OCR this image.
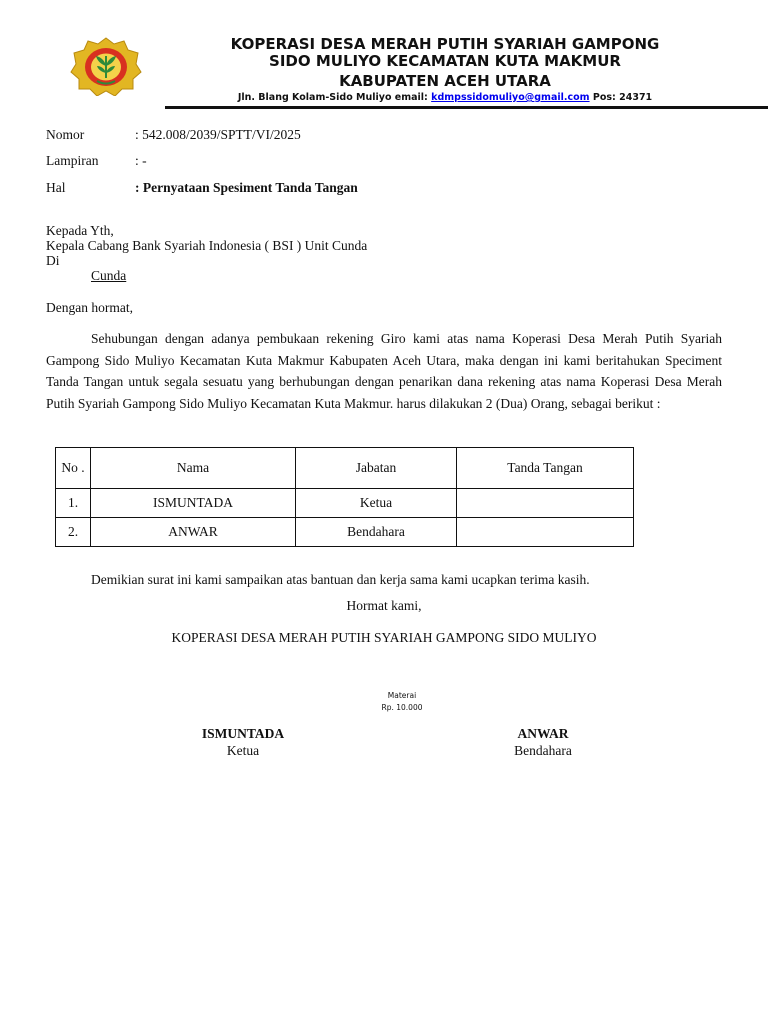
KOPERASI DESA MERAH PUTIH SYARIAH GAMPONG
SIDO MULIYO KECAMATAN KUTA MAKMUR
KABUPATEN ACEH UTARA
Jln. Blang Kolam-Sido Muliyo email: kdmpssidomuliyo@gmail.com Pos: 24371
Nomor	: 542.008/2039/SPTT/VI/2025
Lampiran	: -
Hal	: Pernyataan Spesiment Tanda Tangan
Kepada Yth,
Kepala Cabang Bank Syariah Indonesia ( BSI ) Unit Cunda
Di
Cunda
Dengan hormat,
Sehubungan dengan adanya pembukaan rekening Giro kami atas nama Koperasi Desa Merah Putih Syariah Gampong Sido Muliyo Kecamatan Kuta Makmur Kabupaten Aceh Utara, maka dengan ini kami beritahukan Speciment Tanda Tangan untuk segala sesuatu yang berhubungan dengan penarikan dana rekening atas nama Koperasi Desa Merah Putih Syariah Gampong Sido Muliyo Kecamatan Kuta Makmur. harus dilakukan 2 (Dua) Orang, sebagai berikut :
No .	Nama	Jabatan	Tanda Tangan
1.	ISMUNTADA	Ketua	
2.	ANWAR	Bendahara	
Demikian surat ini kami sampaikan atas bantuan dan kerja sama kami ucapkan terima kasih.
Hormat kami,
KOPERASI DESA MERAH PUTIH SYARIAH GAMPONG SIDO MULIYO
Materai
Rp. 10.000
ISMUNTADA
Ketua
ANWAR
Bendahara
